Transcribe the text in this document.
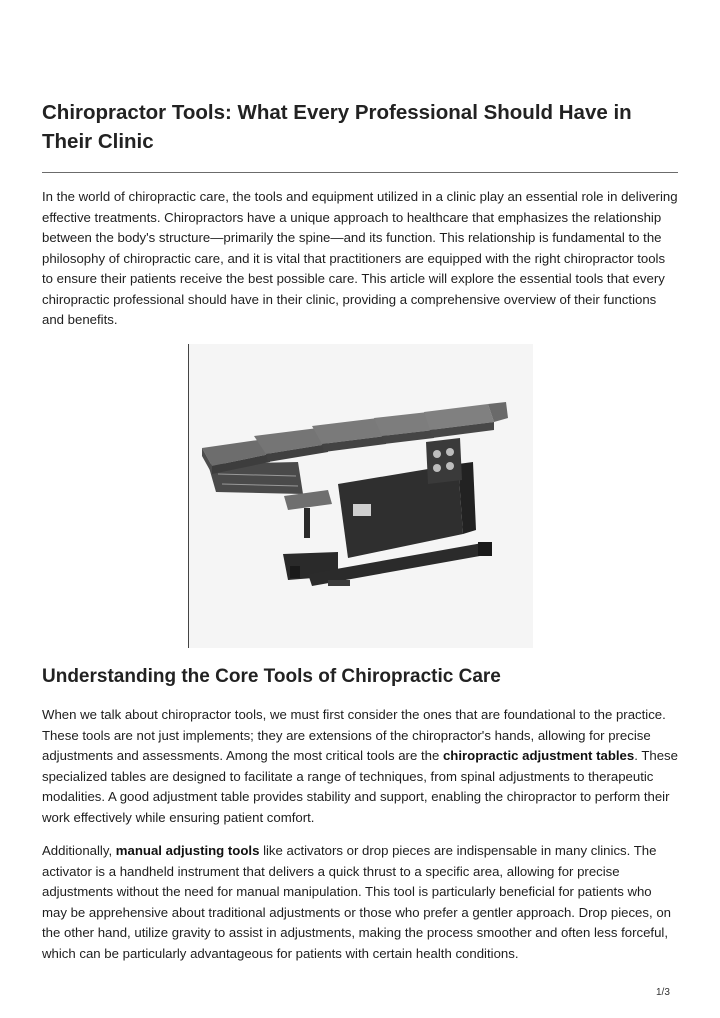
Chiropractor Tools: What Every Professional Should Have in Their Clinic

In the world of chiropractic care, the tools and equipment utilized in a clinic play an essential role in delivering effective treatments. Chiropractors have a unique approach to healthcare that emphasizes the relationship between the body's structure—primarily the spine—and its function. This relationship is fundamental to the philosophy of chiropractic care, and it is vital that practitioners are equipped with the right chiropractor tools to ensure their patients receive the best possible care. This article will explore the essential tools that every chiropractic professional should have in their clinic, providing a comprehensive overview of their functions and benefits.

Understanding the Core Tools of Chiropractic Care

When we talk about chiropractor tools, we must first consider the ones that are foundational to the practice. These tools are not just implements; they are extensions of the chiropractor's hands, allowing for precise adjustments and assessments. Among the most critical tools are the chiropractic adjustment tables. These specialized tables are designed to facilitate a range of techniques, from spinal adjustments to therapeutic modalities. A good adjustment table provides stability and support, enabling the chiropractor to perform their work effectively while ensuring patient comfort.

Additionally, manual adjusting tools like activators or drop pieces are indispensable in many clinics. The activator is a handheld instrument that delivers a quick thrust to a specific area, allowing for precise adjustments without the need for manual manipulation. This tool is particularly beneficial for patients who may be apprehensive about traditional adjustments or those who prefer a gentler approach. Drop pieces, on the other hand, utilize gravity to assist in adjustments, making the process smoother and often less forceful, which can be particularly advantageous for patients with certain health conditions.

1/3
